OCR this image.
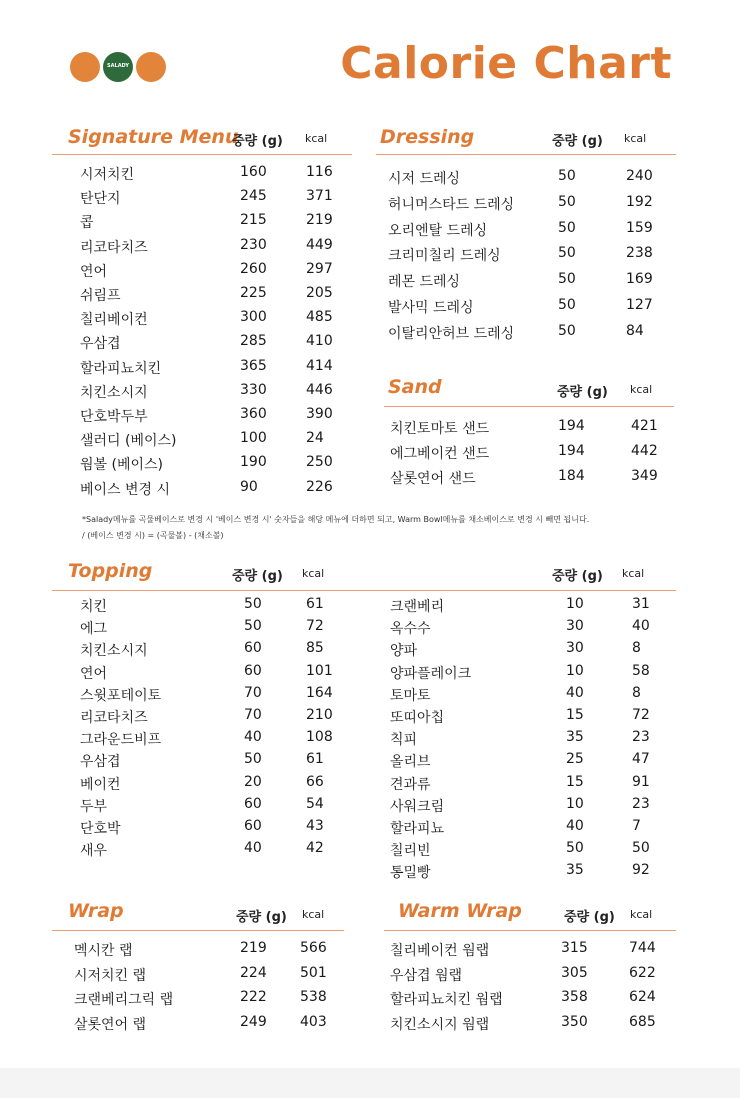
SALADY	Calorie Chart
Signature Menu
중량 (g) kcal
시저치킨	160	116
탄단지	245	371
콥	215	219
리코타치즈	230	449
연어	260	297
쉬림프	225	205
칠리베이컨	300	485
우삼겹	285	410
할라피뇨치킨	365	414
치킨소시지	330	446
단호박두부	360	390
샐러디 (베이스)	100	24
웜볼 (베이스)	190	250
베이스 변경 시	90	226
Dressing	중량 (g) kcal
시저 드레싱	50	240
허니머스타드 드레싱	50	192
오리엔탈 드레싱	50	159
크리미칠리 드레싱	50	238
레몬 드레싱	50	169
발사믹 드레싱	50	127
이탈리안허브 드레싱	50	84
Sand	중량 (g) kcal
치킨토마토 샌드	194	421
에그베이컨 샌드	194	442
살롯연어 샌드	184	349
*Salady메뉴를 곡물베이스로 변경 시 '베이스 변경 시' 숫자들을 해당 메뉴에 더하면 되고, Warm Bowl메뉴를 채소베이스로 변경 시 빼면 됩니다.
/ (베이스 변경 시) = (곡물볼) - (채소볼)
Topping	중량 (g) kcal	중량 (g) kcal
치킨	50	61
에그	50	72
치킨소시지	60	85
연어	60	101
스윗포테이토	70	164
리코타치즈	70	210
그라운드비프	40	108
우삼겹	50	61
베이컨	20	66
두부	60	54
단호박	60	43
새우	40	42
크랜베리	10	31
옥수수	30	40
양파	30	8
양파플레이크	10	58
토마토	40	8
또띠아칩	15	72
칙피	35	23
올리브	25	47
견과류	15	91
사워크림	10	23
할라피뇨	40	7
칠리빈	50	50
통밀빵	35	92
Wrap	중량 (g) kcal
멕시칸 랩	219 566
시저치킨 랩	224 501
크랜베리그릭 랩	222 538
살롯연어 랩	249 403
Warm Wrap	중량 (g) kcal
칠리베이컨 웜랩	315	744
우삼겹 웜랩	305	622
할라피뇨치킨 웜랩	358	624
치킨소시지 웜랩	350	685
